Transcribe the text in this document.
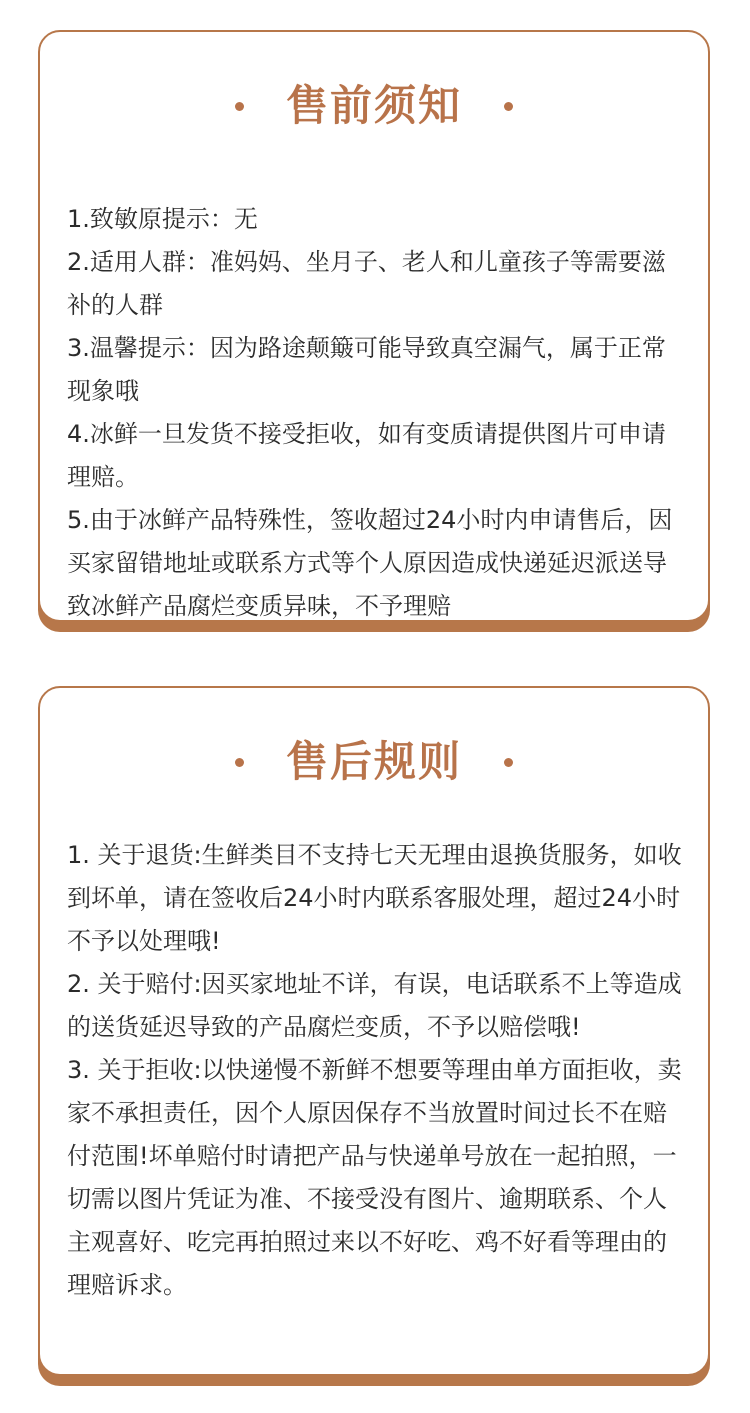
售前须知

1.致敏原提示：无

2.适用人群：准妈妈、坐月子、老人和儿童孩子等需要滋补的人群

3.温馨提示：因为路途颠簸可能导致真空漏气，属于正常现象哦

4.冰鲜一旦发货不接受拒收，如有变质请提供图片可申请理赔。

5.由于冰鲜产品特殊性，签收超过24小时内申请售后，因买家留错地址或联系方式等个人原因造成快递延迟派送导致冰鲜产品腐烂变质异味，不予理赔

售后规则

1. 关于退货:生鲜类目不支持七天无理由退换货服务，如收到坏单，请在签收后24小时内联系客服处理，超过24小时不予以处理哦!

2. 关于赔付:因买家地址不详，有误，电话联系不上等造成的送货延迟导致的产品腐烂变质，不予以赔偿哦!

3. 关于拒收:以快递慢不新鲜不想要等理由单方面拒收，卖家不承担责任，因个人原因保存不当放置时间过长不在赔付范围!坏单赔付时请把产品与快递单号放在一起拍照，一切需以图片凭证为准、不接受没有图片、逾期联系、个人主观喜好、吃完再拍照过来以不好吃、鸡不好看等理由的理赔诉求。
